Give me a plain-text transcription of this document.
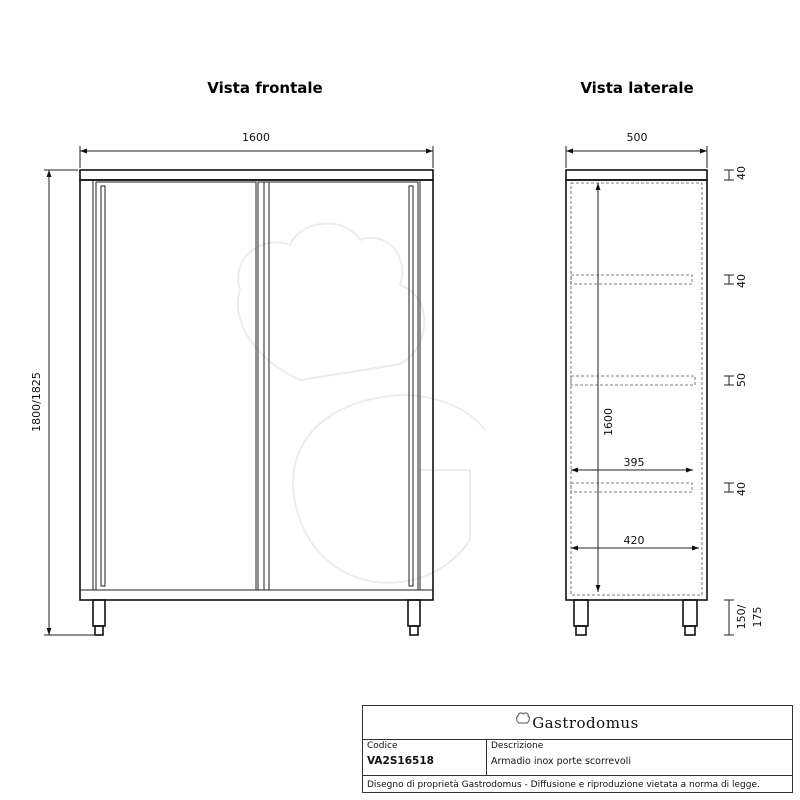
Vista frontale	Vista laterale
1600
1800/1825
500
1600
395
420
40
40
50
40
150/ 175
Gastrodomus
Codice
VA2S16518
Descrizione
Armadio inox porte scorrevoli
Disegno di proprietà Gastrodomus - Diffusione e riproduzione vietata a norma di legge.
